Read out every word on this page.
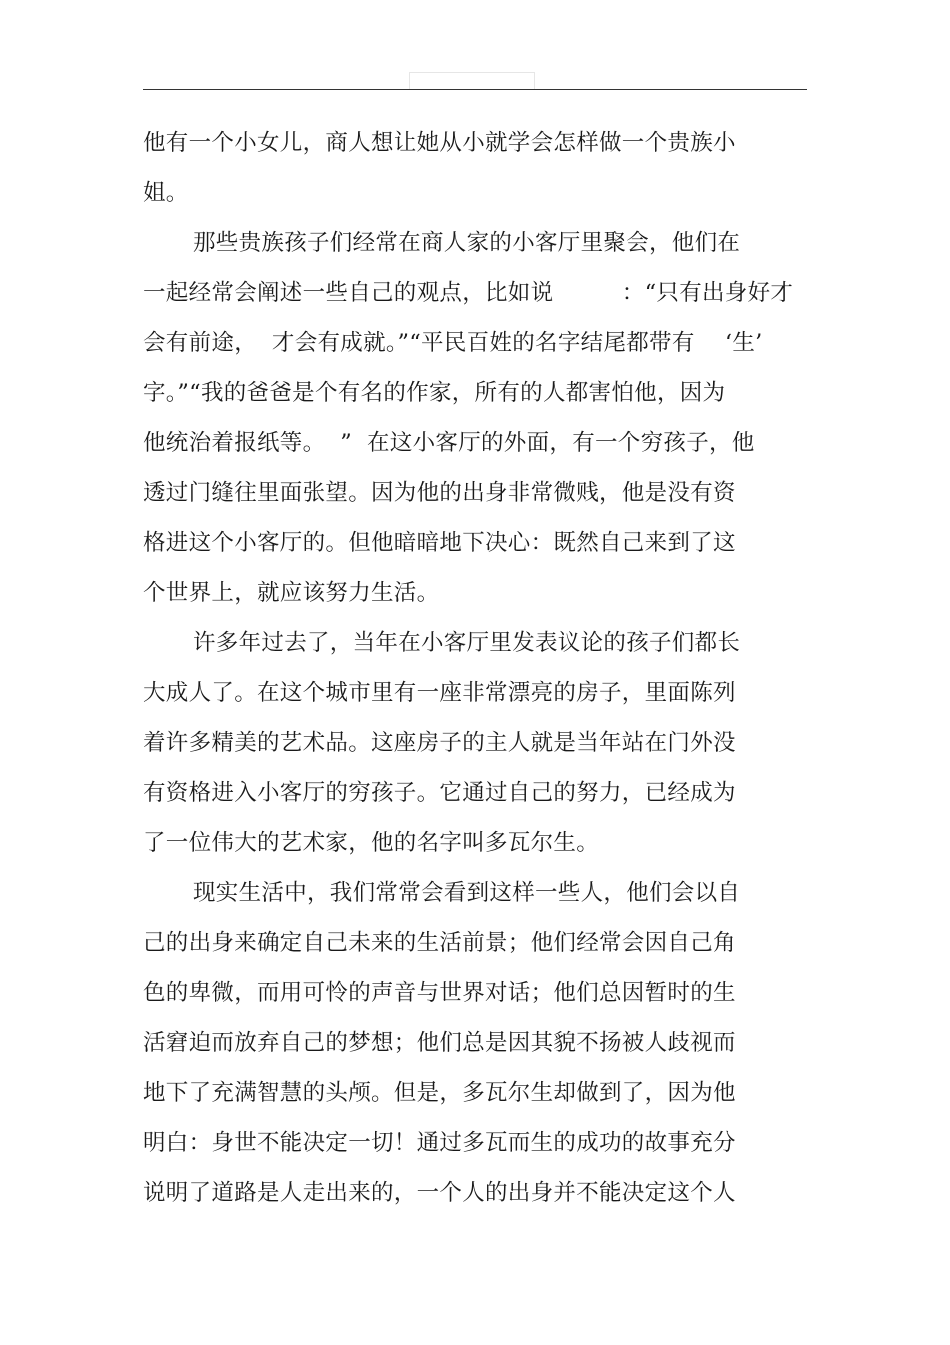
他有一个小女儿，商人想让她从小就学会怎样做一个贵族小
姐。
那些贵族孩子们经常在商人家的小客厅里聚会，他们在
一起经常会阐述一些自己的观点，比如说　　　：“只有出身好才
会有前途，  才会有成就。”“平民百姓的名字结尾都带有　 ‘生’
字。”“我的爸爸是个有名的作家，所有的人都害怕他，因为
他统治着报纸等。  ”  在这小客厅的外面，有一个穷孩子，他
透过门缝往里面张望。因为他的出身非常微贱，他是没有资
格进这个小客厅的。但他暗暗地下决心：既然自己来到了这
个世界上，就应该努力生活。
许多年过去了，当年在小客厅里发表议论的孩子们都长
大成人了。在这个城市里有一座非常漂亮的房子，里面陈列
着许多精美的艺术品。这座房子的主人就是当年站在门外没
有资格进入小客厅的穷孩子。它通过自己的努力，已经成为
了一位伟大的艺术家，他的名字叫多瓦尔生。
现实生活中，我们常常会看到这样一些人，他们会以自
己的出身来确定自己未来的生活前景；他们经常会因自己角
色的卑微，而用可怜的声音与世界对话；他们总因暂时的生
活窘迫而放弃自己的梦想；他们总是因其貌不扬被人歧视而
地下了充满智慧的头颅。但是，多瓦尔生却做到了，因为他
明白：身世不能决定一切！通过多瓦而生的成功的故事充分
说明了道路是人走出来的，一个人的出身并不能决定这个人
